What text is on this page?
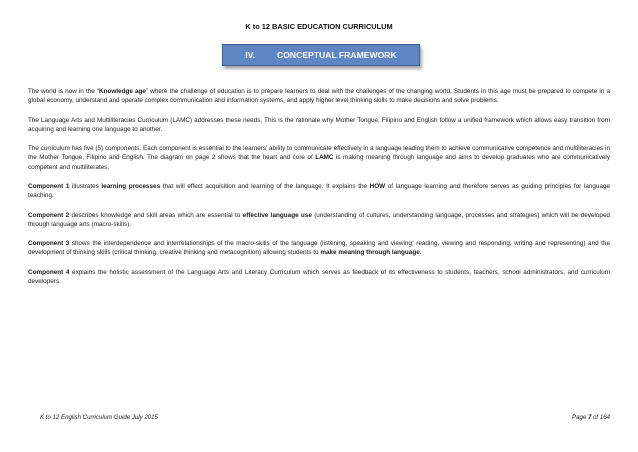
K to 12 BASIC EDUCATION CURRICULUM
IV.	CONCEPTUAL FRAMEWORK

The world is now in the “Knowledge age” where the challenge of education is to prepare learners to deal with the challenges of the changing world. Students in this age must be prepared to compete in a global economy, understand and operate complex communication and information systems, and apply higher level thinking skills to make decisions and solve problems.

The Language Arts and Multiliteracies Curriculum (LAMC) addresses these needs. This is the rationale why Mother Tongue, Filipino and English follow a unified framework which allows easy transition from acquiring and learning one language to another.

The curriculum has five (5) components. Each component is essential to the learners’ ability to communicate effectively in a language leading them to achieve communicative competence and multiliteracies in the Mother Tongue, Filipino and English. The diagram on page 2 shows that the heart and core of LAMC is making meaning through language and aims to develop graduates who are communicatively competent and multiliterates.

Component 1 illustrates learning processes that will effect acquisition and learning of the language. It explains the HOW of language learning and therefore serves as guiding principles for language teaching.

Component 2 describes knowledge and skill areas which are essential to effective language use (understanding of cultures, understanding language, processes and strategies) which will be developed through language arts (macro-skills).

Component 3 shows the interdependence and interrelationships of the macro-skills of the language (listening, speaking and viewing; reading, viewing and responding; writing and representing) and the development of thinking skills (critical thinking, creative thinking and metacognition) allowing students to make meaning through language.

Component 4 explains the holistic assessment of the Language Arts and Literacy Curriculum which serves as feedback of its effectiveness to students, teachers, school administrators, and curriculum developers.

K to 12 English Curriculum Guide July 2015	Page 7 of 164
